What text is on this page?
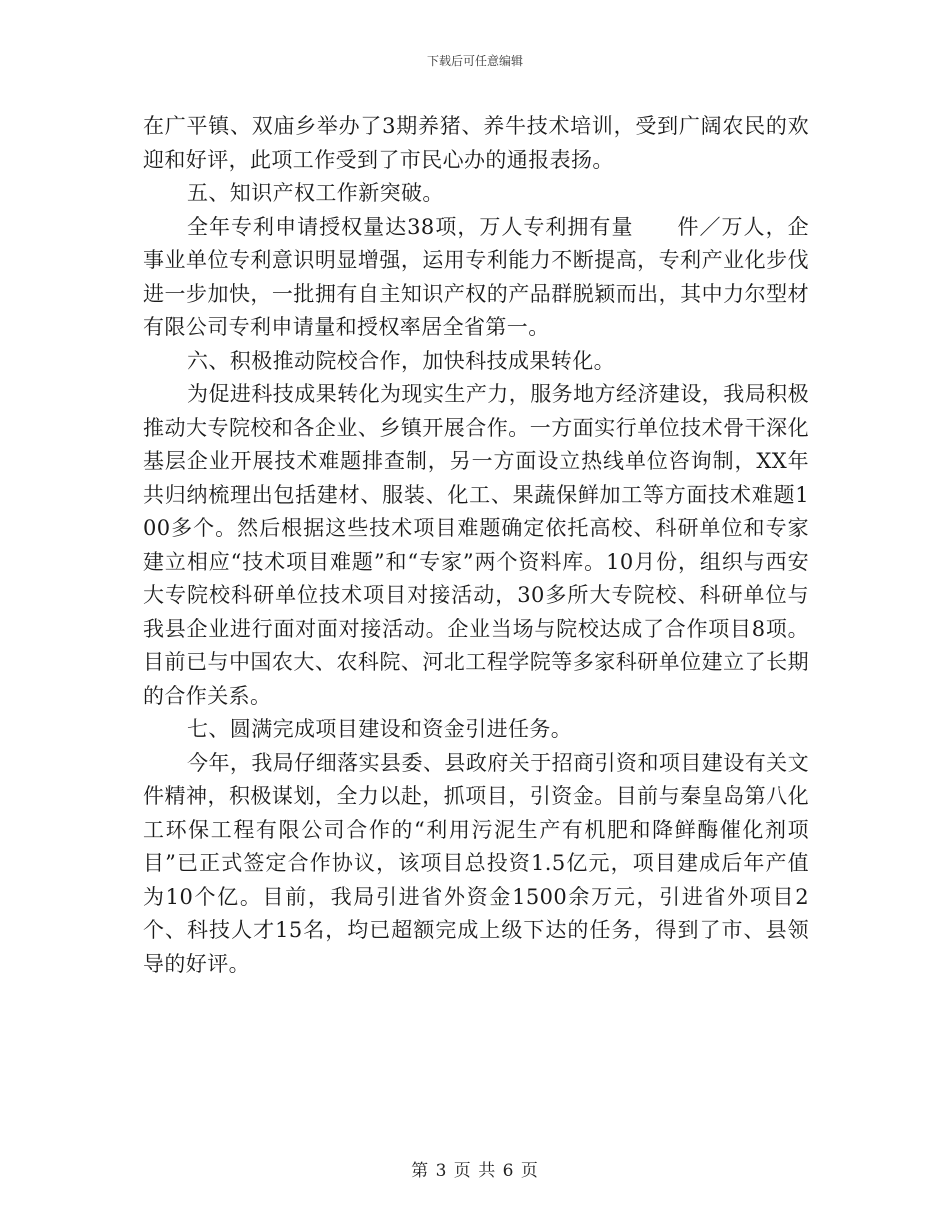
下载后可任意编辑

在广平镇、双庙乡举办了3期养猪、养牛技术培训，受到广阔农民的欢迎和好评，此项工作受到了市民心办的通报表扬。

五、知识产权工作新突破。

全年专利申请授权量达38项，万人专利拥有量　　件／万人，企事业单位专利意识明显增强，运用专利能力不断提高，专利产业化步伐进一步加快，一批拥有自主知识产权的产品群脱颖而出，其中力尔型材有限公司专利申请量和授权率居全省第一。

六、积极推动院校合作，加快科技成果转化。

为促进科技成果转化为现实生产力，服务地方经济建设，我局积极推动大专院校和各企业、乡镇开展合作。一方面实行单位技术骨干深化基层企业开展技术难题排查制，另一方面设立热线单位咨询制，XX年共归纳梳理出包括建材、服装、化工、果蔬保鲜加工等方面技术难题100多个。然后根据这些技术项目难题确定依托高校、科研单位和专家建立相应“技术项目难题”和“专家”两个资料库。10月份，组织与西安大专院校科研单位技术项目对接活动，30多所大专院校、科研单位与我县企业进行面对面对接活动。企业当场与院校达成了合作项目8项。目前已与中国农大、农科院、河北工程学院等多家科研单位建立了长期的合作关系。

七、圆满完成项目建设和资金引进任务。

今年，我局仔细落实县委、县政府关于招商引资和项目建设有关文件精神，积极谋划，全力以赴，抓项目，引资金。目前与秦皇岛第八化工环保工程有限公司合作的“利用污泥生产有机肥和降鲜酶催化剂项目”已正式签定合作协议，该项目总投资1.5亿元，项目建成后年产值为10个亿。目前，我局引进省外资金1500余万元，引进省外项目2个、科技人才15名，均已超额完成上级下达的任务，得到了市、县领导的好评。

第 3 页 共 6 页
